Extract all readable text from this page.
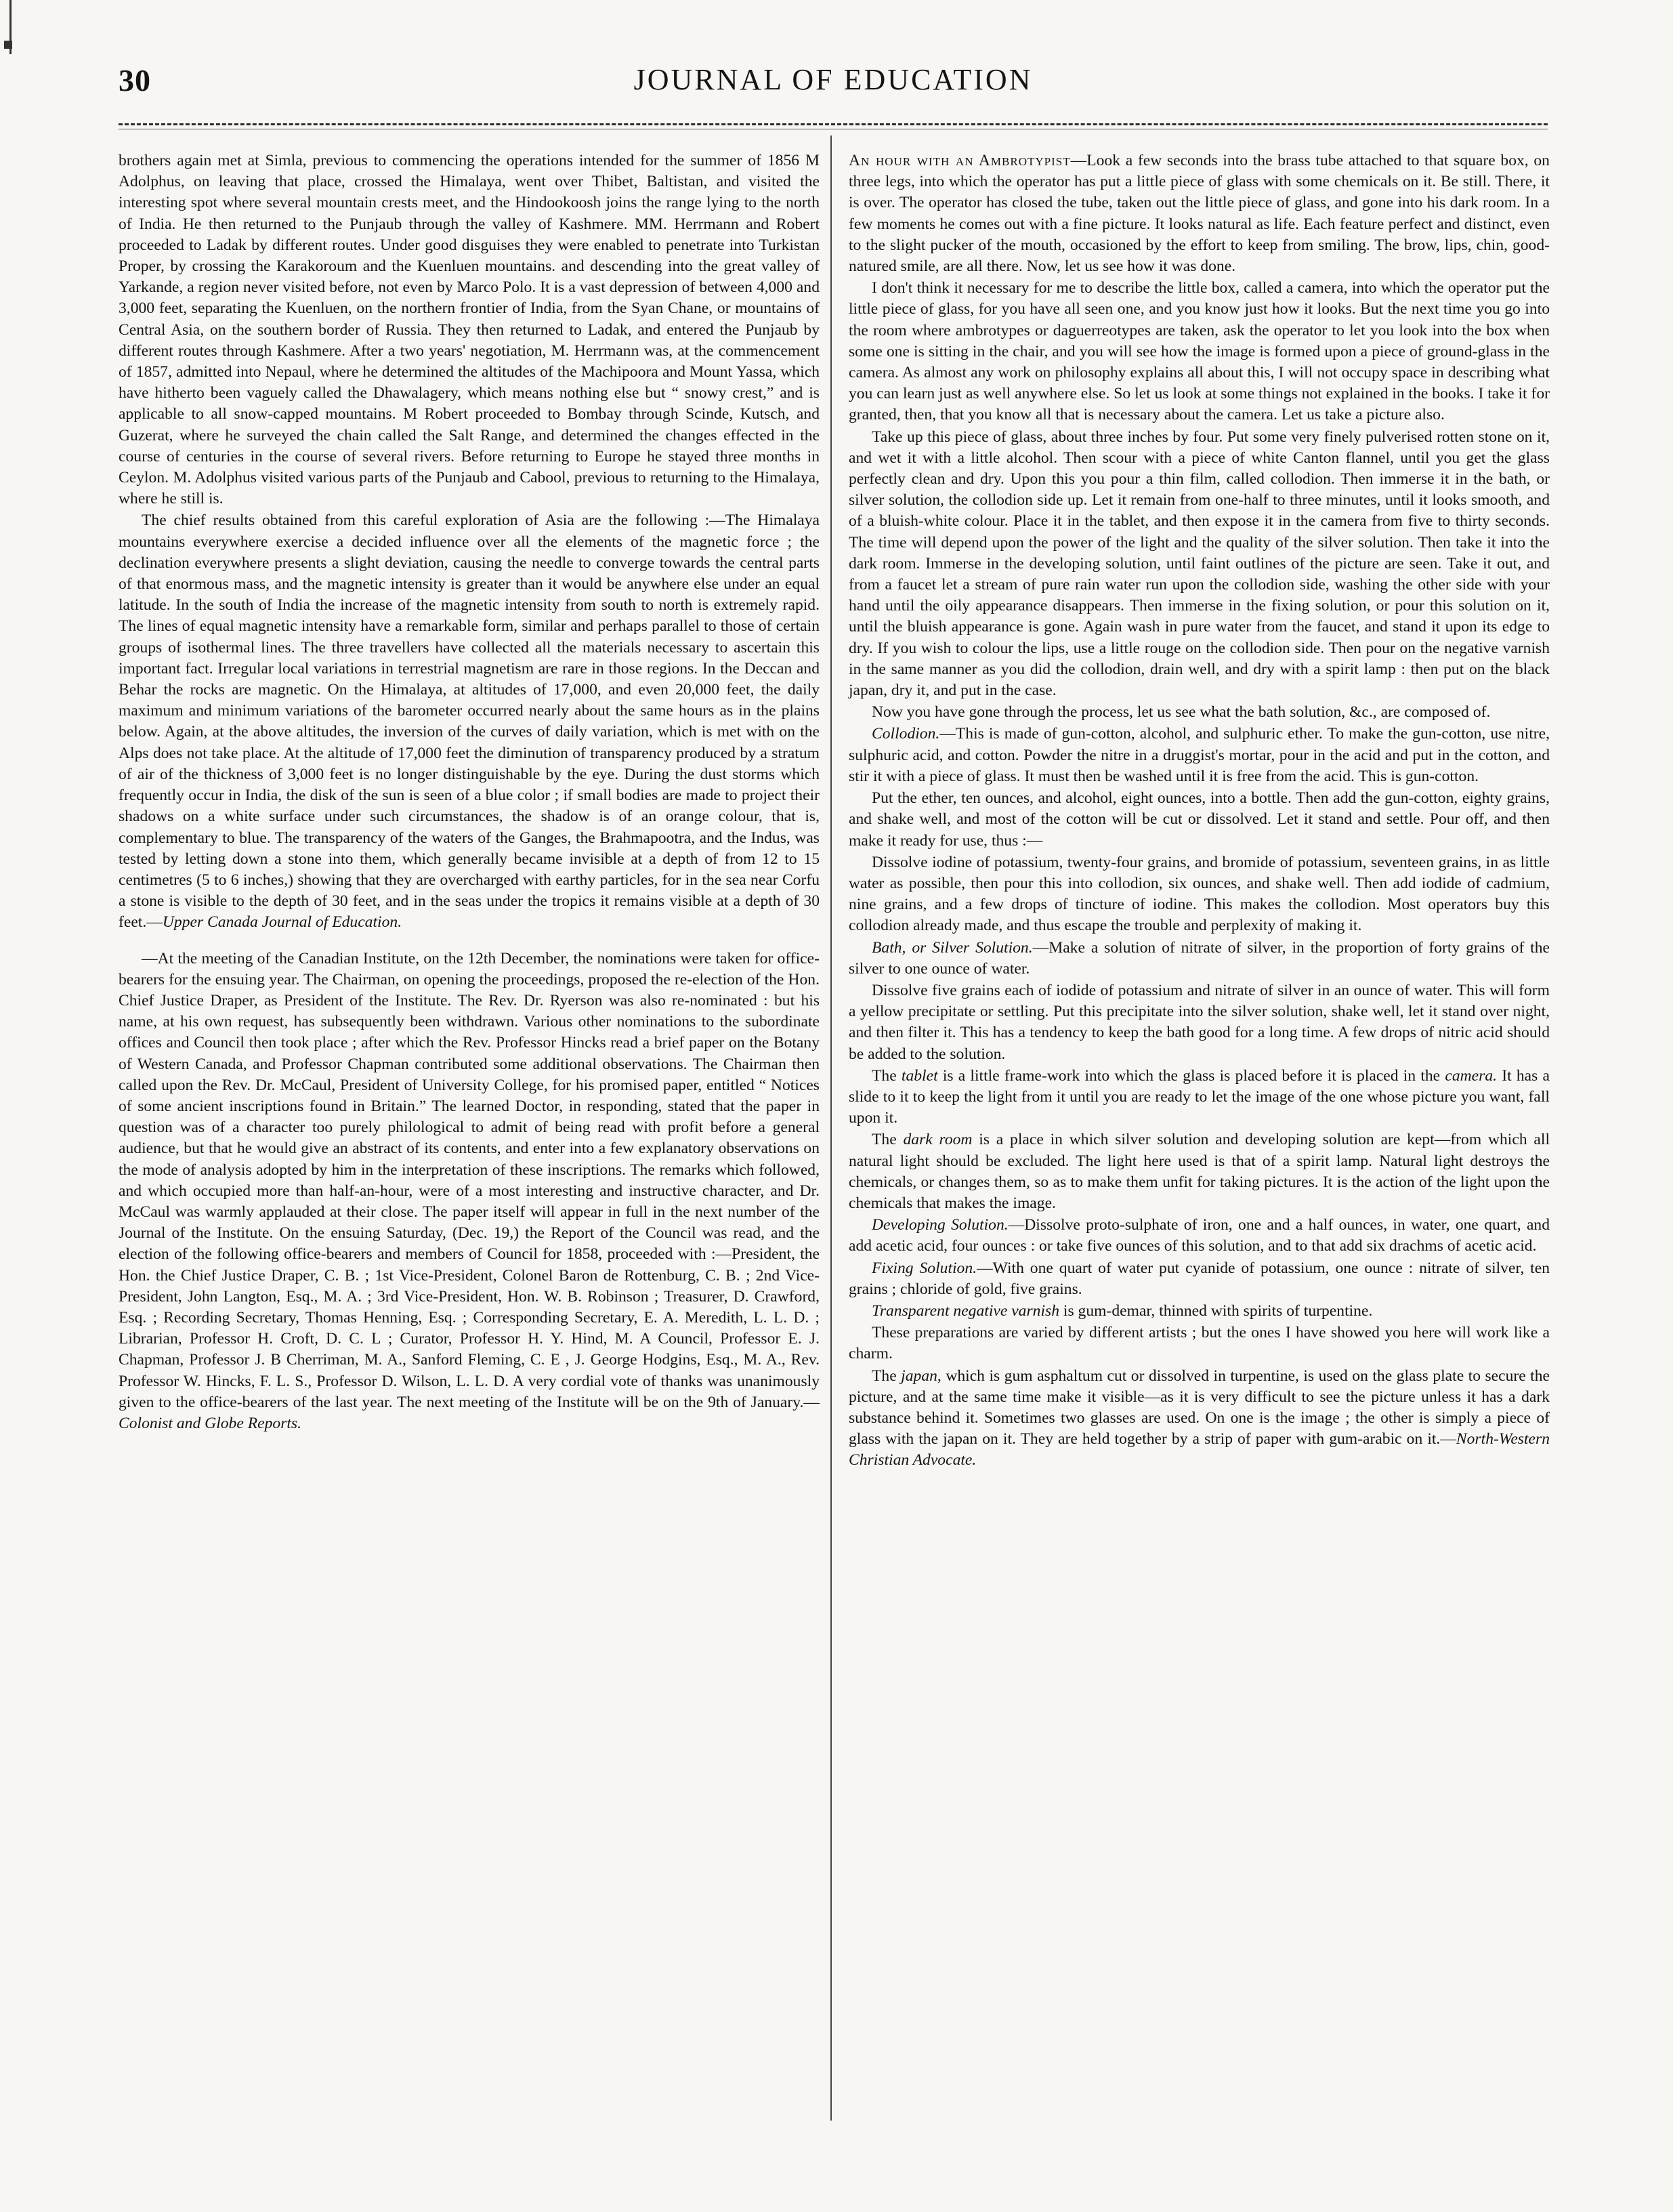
30	JOURNAL OF EDUCATION

brothers again met at Simla, previous to commencing the operations intended for the summer of 1856 M Adolphus, on leaving that place, crossed the Himalaya, went over Thibet, Baltistan, and visited the interesting spot where several mountain crests meet, and the Hindookoosh joins the range lying to the north of India. He then returned to the Punjaub through the valley of Kashmere. MM. Herrmann and Robert proceeded to Ladak by different routes. Under good disguises they were enabled to penetrate into Turkistan Proper, by crossing the Karakoroum and the Kuenluen mountains. and descending into the great valley of Yarkande, a region never visited before, not even by Marco Polo. It is a vast depression of between 4,000 and 3,000 feet, separating the Kuenluen, on the northern frontier of India, from the Syan Chane, or mountains of Central Asia, on the southern border of Russia. They then returned to Ladak, and entered the Punjaub by different routes through Kashmere. After a two years' negotiation, M. Herrmann was, at the commencement of 1857, admitted into Nepaul, where he determined the altitudes of the Machipoora and Mount Yassa, which have hitherto been vaguely called the Dhawalagery, which means nothing else but “ snowy crest,” and is applicable to all snow-capped mountains. M Robert proceeded to Bombay through Scinde, Kutsch, and Guzerat, where he surveyed the chain called the Salt Range, and determined the changes effected in the course of centuries in the course of several rivers. Before returning to Europe he stayed three months in Ceylon. M. Adolphus visited various parts of the Punjaub and Cabool, previous to returning to the Himalaya, where he still is.

The chief results obtained from this careful exploration of Asia are the following :—The Himalaya mountains everywhere exercise a decided influence over all the elements of the magnetic force ; the declination everywhere presents a slight deviation, causing the needle to converge towards the central parts of that enormous mass, and the magnetic intensity is greater than it would be anywhere else under an equal latitude. In the south of India the increase of the magnetic intensity from south to north is extremely rapid. The lines of equal magnetic intensity have a remarkable form, similar and perhaps parallel to those of certain groups of isothermal lines. The three travellers have collected all the materials necessary to ascertain this important fact. Irregular local variations in terrestrial magnetism are rare in those regions. In the Deccan and Behar the rocks are magnetic. On the Himalaya, at altitudes of 17,000, and even 20,000 feet, the daily maximum and minimum variations of the barometer occurred nearly about the same hours as in the plains below. Again, at the above altitudes, the inversion of the curves of daily variation, which is met with on the Alps does not take place. At the altitude of 17,000 feet the diminution of transparency produced by a stratum of air of the thickness of 3,000 feet is no longer distinguishable by the eye. During the dust storms which frequently occur in India, the disk of the sun is seen of a blue color ; if small bodies are made to project their shadows on a white surface under such circumstances, the shadow is of an orange colour, that is, complementary to blue. The transparency of the waters of the Ganges, the Brahmapootra, and the Indus, was tested by letting down a stone into them, which generally became invisible at a depth of from 12 to 15 centimetres (5 to 6 inches,) showing that they are overcharged with earthy particles, for in the sea near Corfu a stone is visible to the depth of 30 feet, and in the seas under the tropics it remains visible at a depth of 30 feet.—Upper Canada Journal of Education.

—At the meeting of the Canadian Institute, on the 12th December, the nominations were taken for office-bearers for the ensuing year. The Chairman, on opening the proceedings, proposed the re-election of the Hon. Chief Justice Draper, as President of the Institute. The Rev. Dr. Ryerson was also re-nominated : but his name, at his own request, has subsequently been withdrawn. Various other nominations to the subordinate offices and Council then took place ; after which the Rev. Professor Hincks read a brief paper on the Botany of Western Canada, and Professor Chapman contributed some additional observations. The Chairman then called upon the Rev. Dr. McCaul, President of University College, for his promised paper, entitled “ Notices of some ancient inscriptions found in Britain.” The learned Doctor, in responding, stated that the paper in question was of a character too purely philological to admit of being read with profit before a general audience, but that he would give an abstract of its contents, and enter into a few explanatory observations on the mode of analysis adopted by him in the interpretation of these inscriptions. The remarks which followed, and which occupied more than half-an-hour, were of a most interesting and instructive character, and Dr. McCaul was warmly applauded at their close. The paper itself will appear in full in the next number of the Journal of the Institute. On the ensuing Saturday, (Dec. 19,) the Report of the Council was read, and the election of the following office-bearers and members of Council for 1858, proceeded with :—President, the Hon. the Chief Justice Draper, C. B. ; 1st Vice-President, Colonel Baron de Rottenburg, C. B. ; 2nd Vice-President, John Langton, Esq., M. A. ; 3rd Vice-President, Hon. W. B. Robinson ; Treasurer, D. Crawford, Esq. ; Recording Secretary, Thomas Henning, Esq. ; Corresponding Secretary, E. A. Meredith, L. L. D. ; Librarian, Professor H. Croft, D. C. L ; Curator, Professor H. Y. Hind, M. A Council, Professor E. J. Chapman, Professor J. B Cherriman, M. A., Sanford Fleming, C. E , J. George Hodgins, Esq., M. A., Rev. Professor W. Hincks, F. L. S., Professor D. Wilson, L. L. D. A very cordial vote of thanks was unanimously given to the office-bearers of the last year. The next meeting of the Institute will be on the 9th of January.—Colonist and Globe Reports.

An hour with an Ambrotypist—Look a few seconds into the brass tube attached to that square box, on three legs, into which the operator has put a little piece of glass with some chemicals on it. Be still. There, it is over. The operator has closed the tube, taken out the little piece of glass, and gone into his dark room. In a few moments he comes out with a fine picture. It looks natural as life. Each feature perfect and distinct, even to the slight pucker of the mouth, occasioned by the effort to keep from smiling. The brow, lips, chin, good-natured smile, are all there. Now, let us see how it was done.

I don't think it necessary for me to describe the little box, called a camera, into which the operator put the little piece of glass, for you have all seen one, and you know just how it looks. But the next time you go into the room where ambrotypes or daguerreotypes are taken, ask the operator to let you look into the box when some one is sitting in the chair, and you will see how the image is formed upon a piece of ground-glass in the camera. As almost any work on philosophy explains all about this, I will not occupy space in describing what you can learn just as well anywhere else. So let us look at some things not explained in the books. I take it for granted, then, that you know all that is necessary about the camera. Let us take a picture also.

Take up this piece of glass, about three inches by four. Put some very finely pulverised rotten stone on it, and wet it with a little alcohol. Then scour with a piece of white Canton flannel, until you get the glass perfectly clean and dry. Upon this you pour a thin film, called collodion. Then immerse it in the bath, or silver solution, the collodion side up. Let it remain from one-half to three minutes, until it looks smooth, and of a bluish-white colour. Place it in the tablet, and then expose it in the camera from five to thirty seconds. The time will depend upon the power of the light and the quality of the silver solution. Then take it into the dark room. Immerse in the developing solution, until faint outlines of the picture are seen. Take it out, and from a faucet let a stream of pure rain water run upon the collodion side, washing the other side with your hand until the oily appearance disappears. Then immerse in the fixing solution, or pour this solution on it, until the bluish appearance is gone. Again wash in pure water from the faucet, and stand it upon its edge to dry. If you wish to colour the lips, use a little rouge on the collodion side. Then pour on the negative varnish in the same manner as you did the collodion, drain well, and dry with a spirit lamp : then put on the black japan, dry it, and put in the case.

Now you have gone through the process, let us see what the bath solution, &c., are composed of.

Collodion.—This is made of gun-cotton, alcohol, and sulphuric ether. To make the gun-cotton, use nitre, sulphuric acid, and cotton. Powder the nitre in a druggist's mortar, pour in the acid and put in the cotton, and stir it with a piece of glass. It must then be washed until it is free from the acid. This is gun-cotton.

Put the ether, ten ounces, and alcohol, eight ounces, into a bottle. Then add the gun-cotton, eighty grains, and shake well, and most of the cotton will be cut or dissolved. Let it stand and settle. Pour off, and then make it ready for use, thus :—

Dissolve iodine of potassium, twenty-four grains, and bromide of potassium, seventeen grains, in as little water as possible, then pour this into collodion, six ounces, and shake well. Then add iodide of cadmium, nine grains, and a few drops of tincture of iodine. This makes the collodion. Most operators buy this collodion already made, and thus escape the trouble and perplexity of making it.

Bath, or Silver Solution.—Make a solution of nitrate of silver, in the proportion of forty grains of the silver to one ounce of water.

Dissolve five grains each of iodide of potassium and nitrate of silver in an ounce of water. This will form a yellow precipitate or settling. Put this precipitate into the silver solution, shake well, let it stand over night, and then filter it. This has a tendency to keep the bath good for a long time. A few drops of nitric acid should be added to the solution.

The tablet is a little frame-work into which the glass is placed before it is placed in the camera. It has a slide to it to keep the light from it until you are ready to let the image of the one whose picture you want, fall upon it.

The dark room is a place in which silver solution and developing solution are kept—from which all natural light should be excluded. The light here used is that of a spirit lamp. Natural light destroys the chemicals, or changes them, so as to make them unfit for taking pictures. It is the action of the light upon the chemicals that makes the image.

Developing Solution.—Dissolve proto-sulphate of iron, one and a half ounces, in water, one quart, and add acetic acid, four ounces : or take five ounces of this solution, and to that add six drachms of acetic acid.

Fixing Solution.—With one quart of water put cyanide of potassium, one ounce : nitrate of silver, ten grains ; chloride of gold, five grains.

Transparent negative varnish is gum-demar, thinned with spirits of turpentine.

These preparations are varied by different artists ; but the ones I have showed you here will work like a charm.

The japan, which is gum asphaltum cut or dissolved in turpentine, is used on the glass plate to secure the picture, and at the same time make it visible—as it is very difficult to see the picture unless it has a dark substance behind it. Sometimes two glasses are used. On one is the image ; the other is simply a piece of glass with the japan on it. They are held together by a strip of paper with gum-arabic on it.—North-Western Christian Advocate.
